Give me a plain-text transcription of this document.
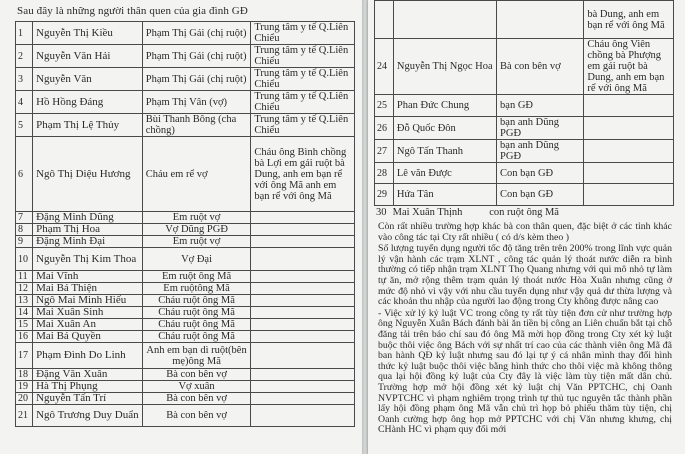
Sau đây là những người thân quen của gia đình GĐ
1	Nguyễn Thị Kiều	Phạm Thị Gái (chị ruột)	Trung tâm y tế Q.Liên Chiểu
2	Nguyễn Văn Hải	Phạm Thị Gái (chị ruột)	Trung tâm y tế Q.Liên Chiểu
3	Nguyễn Văn	Phạm Thị Gái (chị ruột)	Trung tâm y tế Q.Liên Chiểu
4	Hồ Hồng Đáng	Phạm Thị Vân (vợ)	Trung tâm y tế Q.Liên Chiểu
5	Phạm Thị Lệ Thủy	Bùi Thanh Bông (cha chồng)	Trung tâm y tế Q.Liên Chiểu
6	Ngô Thị Diệu Hương	Cháu em rể vợ	Cháu ông Bình chồng bà Lợi em gái ruột bà Dung, anh em bạn rể với ông Mã anh em bạn rể với ông Mã
7	Đặng Minh Dũng	Em ruột vợ	
8	Phạm Thị Hoa	Vợ Dũng PGĐ	
9	Đặng Minh Đại	Em ruột vợ	
10	Nguyễn Thị Kim Thoa	Vợ Đại	
11	Mai Vĩnh	Em ruột ông Mã	
12	Mai Bá Thiện	Em ruộtông Mã	
13	Ngô Mai Minh Hiếu	Cháu ruột ông Mã	
14	Mai Xuân Sinh	Cháu ruột ông Mã	
15	Mai Xuân An	Cháu ruột ông Mã	
16	Mai Bá Quyền	Cháu ruột ông Mã	
17	Phạm Đình Do Linh	Anh em bạn dì ruột(bên mẹ)ông Mã	
18	Đặng Văn Xuân	Bà con bên vợ	
19	Hà Thị Phụng	Vợ xuân	
20	Nguyễn Tấn Trí	Bà con bên vợ	
21	Ngô Trương Duy Duẩn	Bà con bên vợ	
			bà Dung, anh em bạn rể với ông Mã
24	Nguyễn Thị Ngọc Hoa	Bà con bên vợ	Cháu ông Viên chồng bà Phượng em gái ruột bà Dung, anh em bạn rể với ông Mã
25	Phan Đức Chung	bạn GĐ	
26	Đỗ Quốc Đôn	bạn anh Dũng PGĐ	
27	Ngô Tấn Thanh	bạn anh Dũng PGĐ	
28	Lê văn Được	Con bạn GĐ	
29	Hứa Tân	Con bạn GĐ	
30 Mai Xuân Thịnh	con ruột ông Mã

Còn rất nhiều trường hợp khác bà con thân quen, đặc biệt ở các tỉnh khác vào công tác tại Cty rất nhiều ( có d/s kèm theo )

Số lượng tuyển dụng người tốc độ tăng trên trên 200% trong lĩnh vực quản lý vận hành các trạm XLNT , công tác quản lý thoát nước diễn ra bình thường có tiếp nhận trạm XLNT Thọ Quang nhưng với qui mô nhỏ tự làm tự ăn, mở rộng thêm trạm quản lý thoát nước Hòa Xuân nhưng cũng ở mức độ nhỏ vì vậy với nhu cầu tuyển dụng như vậy quả dư thừa lượng và các khoản thu nhập của người lao động trong Cty không được nâng cao

- Việc xử lý kỷ luật VC trong công ty rất tùy tiện đơn cử như trường hợp ông Nguyễn Xuân Bách đánh bài ăn tiền bị công an Liên chuẩn bắt tại chỗ đăng tải trên báo chí sau đó ông Mã mời họp đồng trong Cty xét kỷ luật buộc thôi việc ông Bách với sự nhất trí cao của các thành viên ông Mã đã ban hành QĐ kỷ luật nhưng sau đó lại tự ý cá nhân mình thay đổi hình thức kỷ luật buộc thôi việc bằng hình thức cho thôi việc mà không thông qua lại hội đồng kỷ luật của Cty đây là việc làm tùy tiện mất dân chủ. Trường hợp mở hội đồng xét kỷ luật chị Văn PPTCHC, chị Oanh NVPTCHC vì phạm nghiêm trọng trình tự thủ tục nguyên tắc thành phần lấy hội đồng phạm ông Mã vẫn chủ trì họp bỏ phiếu thăm tùy tiện, chị Oanh cường hợp ông họp mở PPTCHC với chị Văn nhưng khưng, chị CHành HC vì phạm quy đối mới
